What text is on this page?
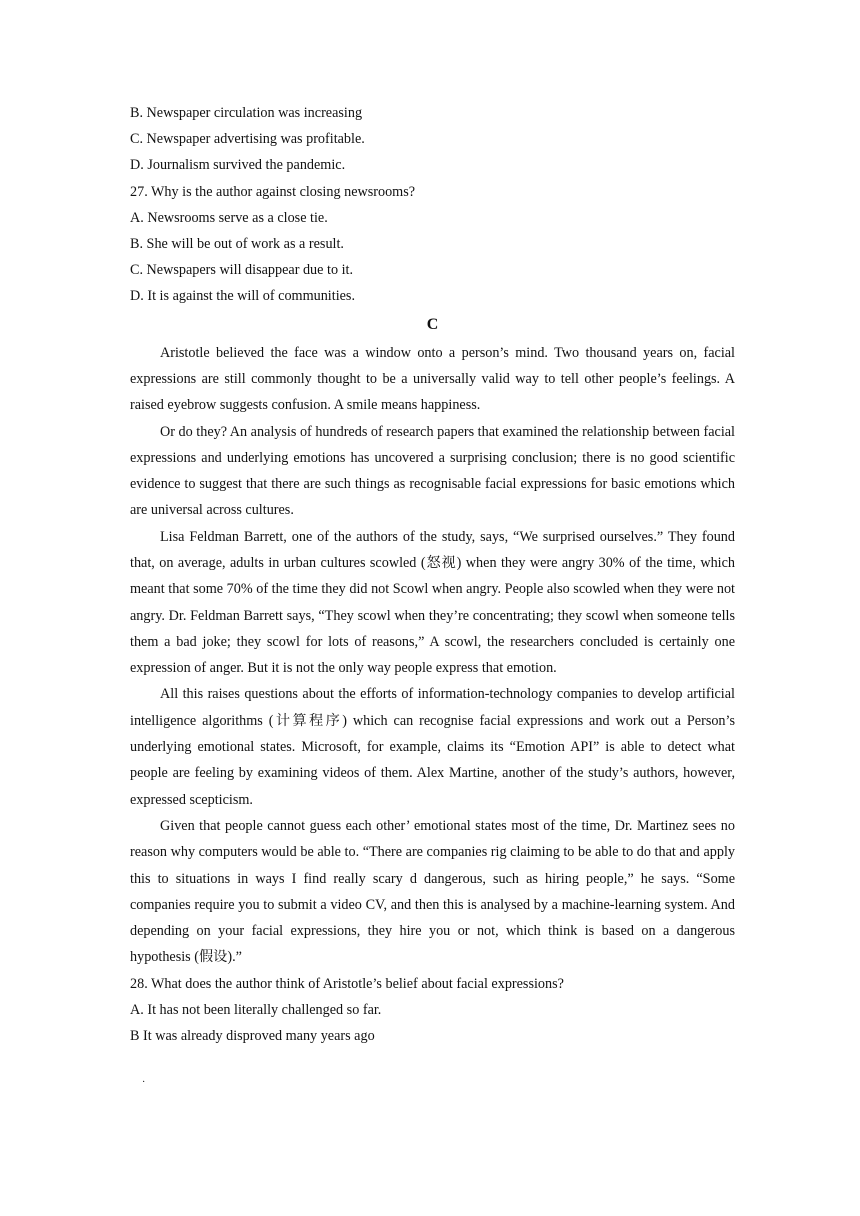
B. Newspaper circulation was increasing
C. Newspaper advertising was profitable.
D. Journalism survived the pandemic.
27. Why is the author against closing newsrooms?
A. Newsrooms serve as a close tie.
B. She will be out of work as a result.
C. Newspapers will disappear due to it.
D. It is against the will of communities.
C

Aristotle believed the face was a window onto a person’s mind. Two thousand years on, facial expressions are still commonly thought to be a universally valid way to tell other people’s feelings. A raised eyebrow suggests confusion. A smile means happiness.

Or do they? An analysis of hundreds of research papers that examined the relationship between facial expressions and underlying emotions has uncovered a surprising conclusion; there is no good scientific evidence to suggest that there are such things as recognisable facial expressions for basic emotions which are universal across cultures.

Lisa Feldman Barrett, one of the authors of the study, says, “We surprised ourselves.” They found that, on average, adults in urban cultures scowled (怒视) when they were angry 30% of the time, which meant that some 70% of the time they did not Scowl when angry. People also scowled when they were not angry. Dr. Feldman Barrett says, “They scowl when they’re concentrating; they scowl when someone tells them a bad joke; they scowl for lots of reasons,” A scowl, the researchers concluded is certainly one expression of anger. But it is not the only way people express that emotion.

All this raises questions about the efforts of information-technology companies to develop artificial intelligence algorithms (计算程序) which can recognise facial expressions and work out a Person’s underlying emotional states. Microsoft, for example, claims its “Emotion API” is able to detect what people are feeling by examining videos of them. Alex Martine, another of the study’s authors, however, expressed scepticism.

Given that people cannot guess each other’ emotional states most of the time, Dr. Martinez sees no reason why computers would be able to. “There are companies rig claiming to be able to do that and apply this to situations in ways I find really scary d dangerous, such as hiring people,” he says. “Some companies require you to submit a video CV, and then this is analysed by a machine-learning system. And depending on your facial expressions, they hire you or not, which think is based on a dangerous hypothesis (假设).”

28. What does the author think of Aristotle’s belief about facial expressions?
A. It has not been literally challenged so far.
B It was already disproved many years ago
·
